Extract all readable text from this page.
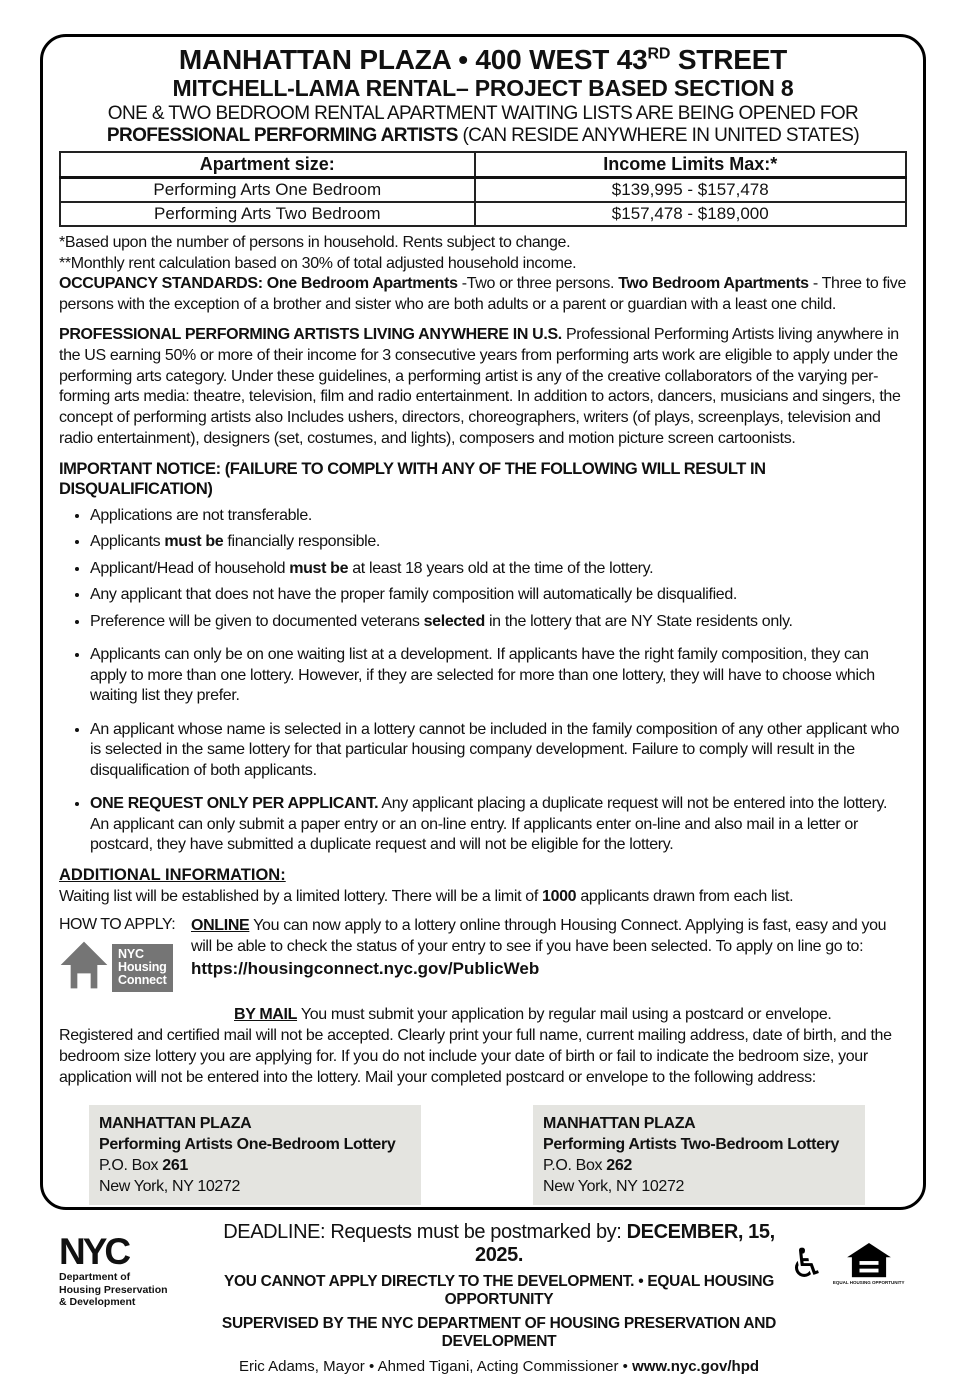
MANHATTAN PLAZA • 400 WEST 43RD STREET
MITCHELL-LAMA RENTAL– PROJECT BASED SECTION 8

ONE & TWO BEDROOM RENTAL APARTMENT WAITING LISTS ARE BEING OPENED FOR

PROFESSIONAL PERFORMING ARTISTS (CAN RESIDE ANYWHERE IN UNITED STATES)

Apartment size:	Income Limits Max:*
Performing Arts One Bedroom	$139,995 - $157,478
Performing Arts Two Bedroom	$157,478 - $189,000

*Based upon the number of persons in household. Rents subject to change.

**Monthly rent calculation based on 30% of total adjusted household income.

OCCUPANCY STANDARDS: One Bedroom Apartments -Two or three persons. Two Bedroom Apartments - Three to five persons with the exception of a brother and sister who are both adults or a parent or guardian with a least one child.

PROFESSIONAL PERFORMING ARTISTS LIVING ANYWHERE IN U.S. Professional Performing Artists living anywhere in the US earning 50% or more of their income for 3 consecutive years from performing arts work are eligible to apply under the performing arts category. Under these guidelines, a performing artist is any of the creative collaborators of the varying per-forming arts media: theatre, television, film and radio entertainment. In addition to actors, dancers, musicians and singers, the concept of performing artists also Includes ushers, directors, choreographers, writers (of plays, screenplays, television and radio entertainment), designers (set, costumes, and lights), composers and motion picture screen cartoonists.

IMPORTANT NOTICE: (FAILURE TO COMPLY WITH ANY OF THE FOLLOWING WILL RESULT IN DISQUALIFICATION)

• Applications are not transferable.
• Applicants must be financially responsible.
• Applicant/Head of household must be at least 18 years old at the time of the lottery.
• Any applicant that does not have the proper family composition will automatically be disqualified.
• Preference will be given to documented veterans selected in the lottery that are NY State residents only.
• Applicants can only be on one waiting list at a development. If applicants have the right family composition, they can apply to more than one lottery. However, if they are selected for more than one lottery, they will have to choose which waiting list they prefer.
• An applicant whose name is selected in a lottery cannot be included in the family composition of any other applicant who is selected in the same lottery for that particular housing company development. Failure to comply will result in the disqualification of both applicants.
• ONE REQUEST ONLY PER APPLICANT. Any applicant placing a duplicate request will not be entered into the lottery. An applicant can only submit a paper entry or an on-line entry. If applicants enter on-line and also mail in a letter or postcard, they have submitted a duplicate request and will not be eligible for the lottery.

ADDITIONAL INFORMATION:

Waiting list will be established by a limited lottery. There will be a limit of 1000 applicants drawn from each list.

HOW TO APPLY:

NYC
Housing
Connect

ONLINE You can now apply to a lottery online through Housing Connect. Applying is fast, easy and you will be able to check the status of your entry to see if you have been selected. To apply on line go to:

https://housingconnect.nyc.gov/PublicWeb

BY MAIL You must submit your application by regular mail using a postcard or envelope. Registered and certified mail will not be accepted. Clearly print your full name, current mailing address, date of birth, and the bedroom size lottery you are applying for. If you do not include your date of birth or fail to indicate the bedroom size, your application will not be entered into the lottery. Mail your completed postcard or envelope to the following address:

MANHATTAN PLAZA

Performing Artists One-Bedroom Lottery

P.O. Box 261

New York, NY 10272

MANHATTAN PLAZA

Performing Artists Two-Bedroom Lottery

P.O. Box 262

New York, NY 10272

NYC

Department of
Housing Preservation
& Development

DEADLINE: Requests must be postmarked by: DECEMBER, 15, 2025.

YOU CANNOT APPLY DIRECTLY TO THE DEVELOPMENT. • EQUAL HOUSING OPPORTUNITY

SUPERVISED BY THE NYC DEPARTMENT OF HOUSING PRESERVATION AND DEVELOPMENT

Eric Adams, Mayor • Ahmed Tigani, Acting Commissioner • www.nyc.gov/hpd

♿ EQUAL HOUSING OPPORTUNITY
